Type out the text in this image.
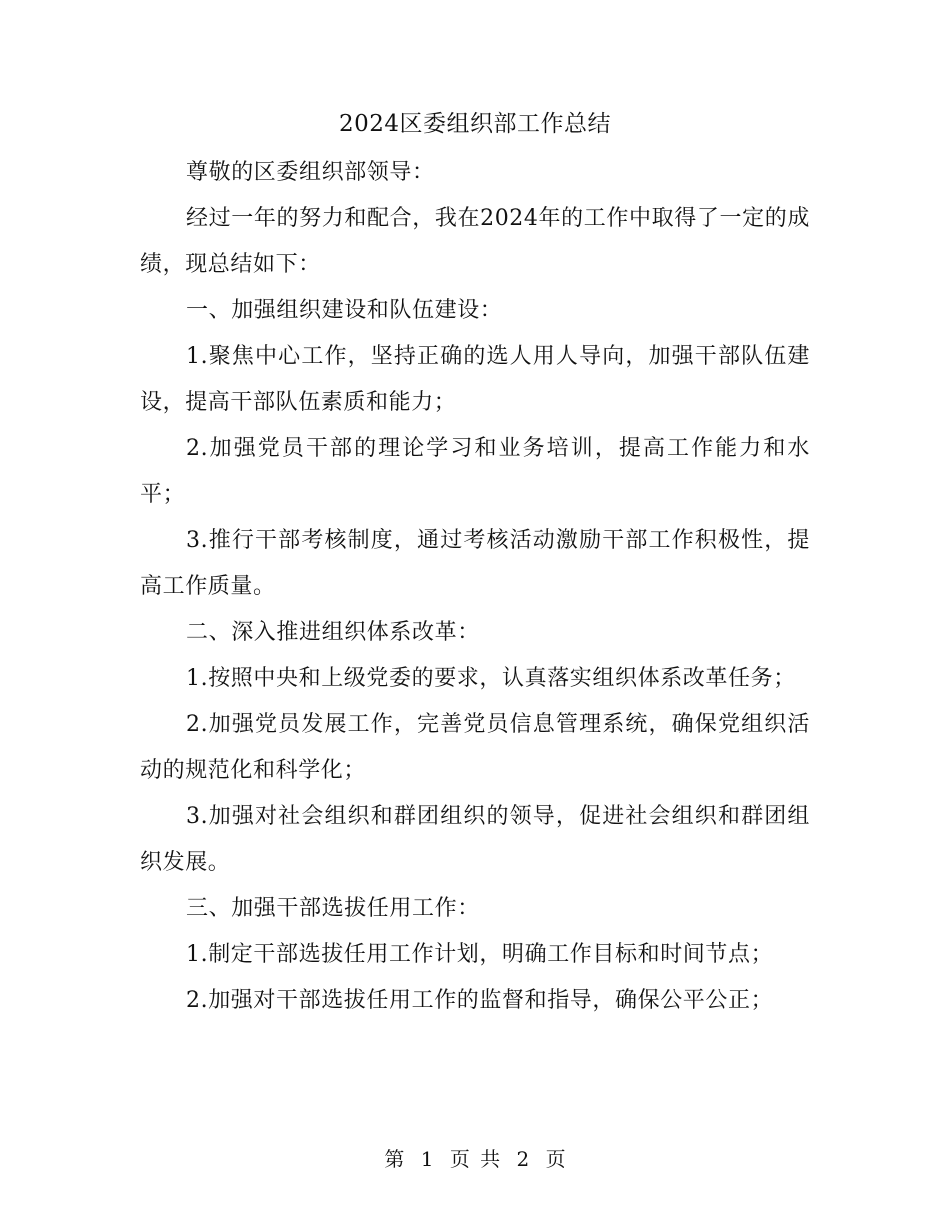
2024区委组织部工作总结

尊敬的区委组织部领导：

经过一年的努力和配合，我在2024年的工作中取得了一定的成绩，现总结如下：

一、加强组织建设和队伍建设：

1.聚焦中心工作，坚持正确的选人用人导向，加强干部队伍建设，提高干部队伍素质和能力；

2.加强党员干部的理论学习和业务培训，提高工作能力和水平；

3.推行干部考核制度，通过考核活动激励干部工作积极性，提高工作质量。

二、深入推进组织体系改革：

1.按照中央和上级党委的要求，认真落实组织体系改革任务；

2.加强党员发展工作，完善党员信息管理系统，确保党组织活动的规范化和科学化；

3.加强对社会组织和群团组织的领导，促进社会组织和群团组织发展。

三、加强干部选拔任用工作：

1.制定干部选拔任用工作计划，明确工作目标和时间节点；

2.加强对干部选拔任用工作的监督和指导，确保公平公正；

第 1 页 共 2 页
